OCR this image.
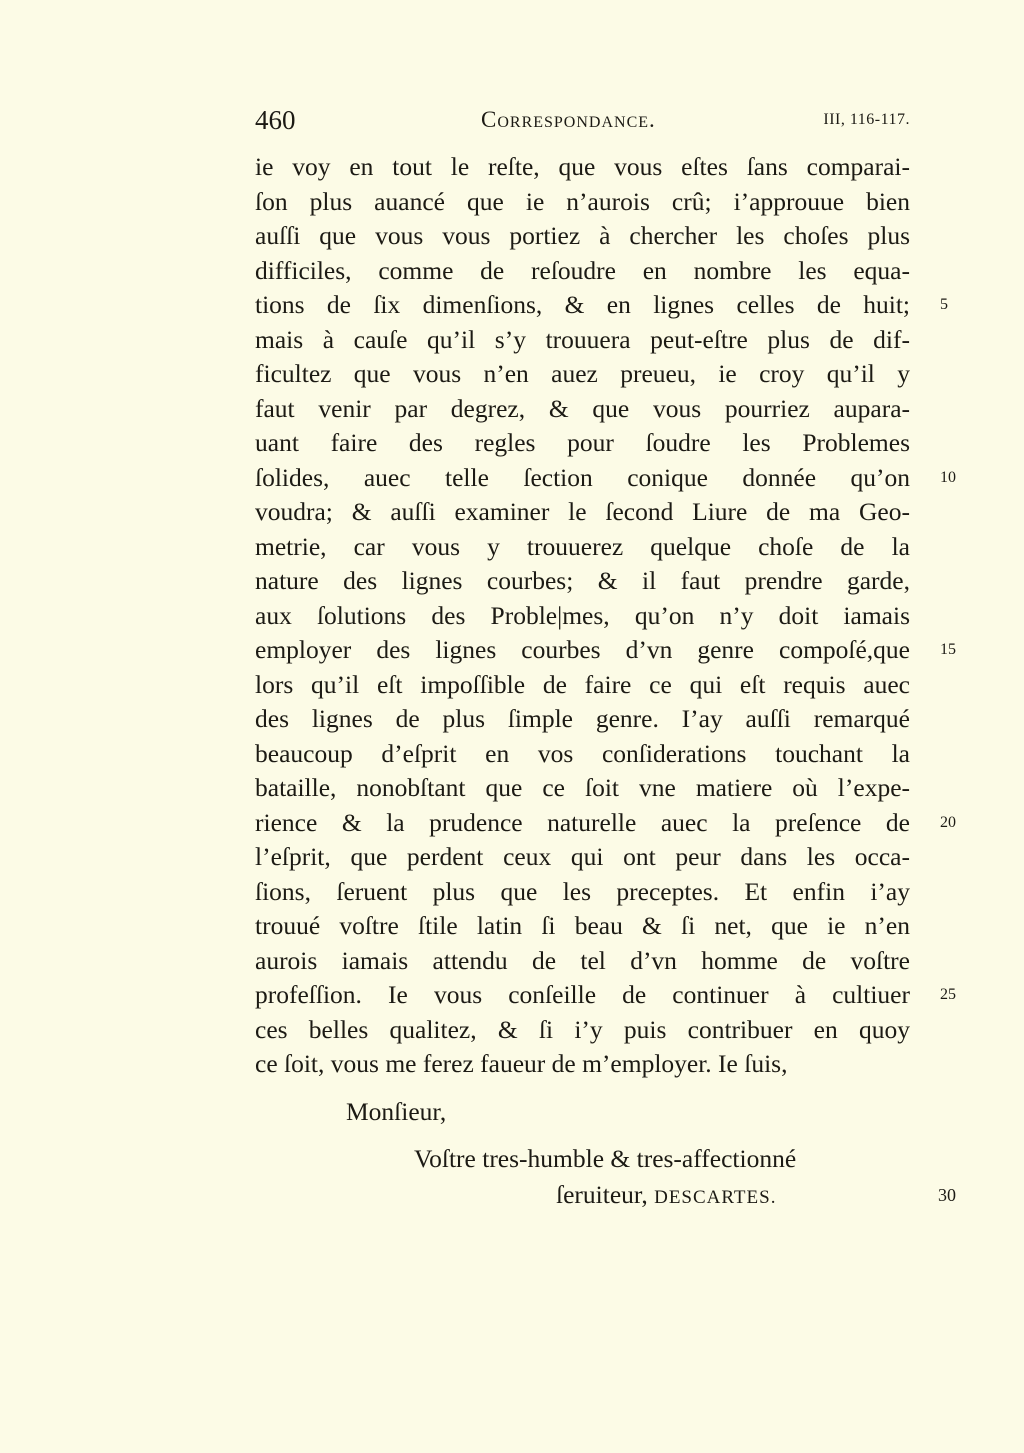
460	Correspondance.	III, 116-117.
ie voy en tout le reſte, que vous eſtes ſans comparai-
ſon plus auancé que ie n’aurois crû; i’approuue bien
auſſi que vous vous portiez à chercher les choſes plus
difficiles, comme de reſoudre en nombre les equa-
tions de ſix dimenſions, & en lignes celles de huit; 5
mais à cauſe qu’il s’y trouuera peut-eſtre plus de dif-
ficultez que vous n’en auez preueu, ie croy qu’il y
faut venir par degrez, & que vous pourriez aupara-
uant faire des regles pour ſoudre les Problemes
ſolides, auec telle ſection conique donnée qu’on 10
voudra; & auſſi examiner le ſecond Liure de ma Geo-
metrie, car vous y trouuerez quelque choſe de la
nature des lignes courbes; & il faut prendre garde,
aux ſolutions des Proble|mes, qu’on n’y doit iamais
employer des lignes courbes d’vn genre compoſé,que 15
lors qu’il eſt impoſſible de faire ce qui eſt requis auec
des lignes de plus ſimple genre. I’ay auſſi remarqué
beaucoup d’eſprit en vos conſiderations touchant la
bataille, nonobſtant que ce ſoit vne matiere où l’expe-
rience & la prudence naturelle auec la preſence de 20
l’eſprit, que perdent ceux qui ont peur dans les occa-
ſions, ſeruent plus que les preceptes. Et enfin i’ay
trouué voſtre ſtile latin ſi beau & ſi net, que ie n’en
aurois iamais attendu de tel d’vn homme de voſtre
profeſſion. Ie vous conſeille de continuer à cultiuer 25
ces belles qualitez, & ſi i’y puis contribuer en quoy
ce ſoit, vous me ferez faueur de m’employer. Ie ſuis,
Monſieur,
Voſtre tres-humble & tres-affectionné
ſeruiteur, DESCARTES.	30
